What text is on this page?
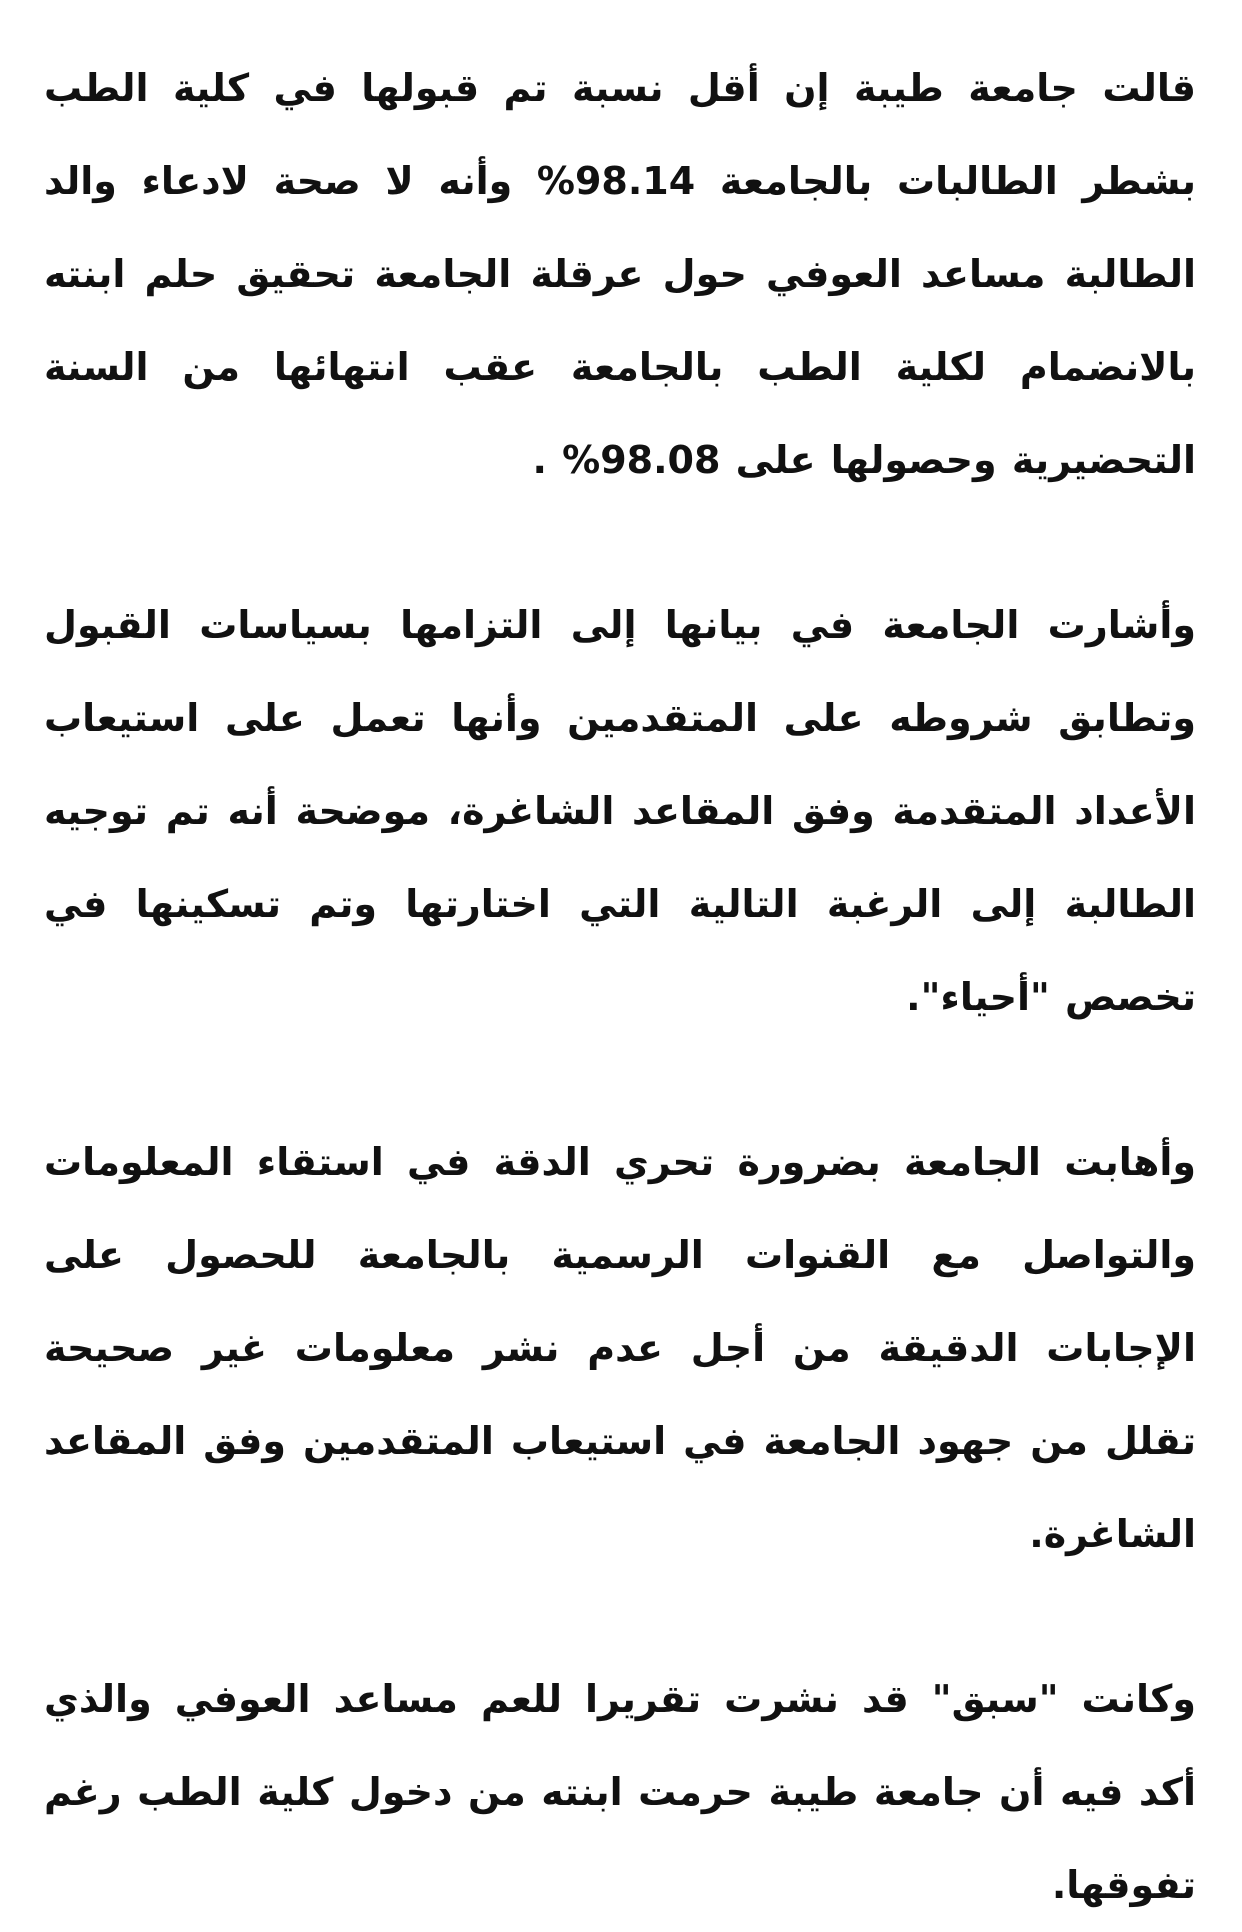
قالت جامعة طيبة إن أقل نسبة تم قبولها في كلية الطب بشطر الطالبات بالجامعة 98.14% وأنه لا صحة لادعاء والد الطالبة مساعد العوفي حول عرقلة الجامعة تحقيق حلم ابنته بالانضمام لكلية الطب بالجامعة عقب انتهائها من السنة التحضيرية وحصولها على 98.08% .

وأشارت الجامعة في بيانها إلى التزامها بسياسات القبول وتطابق شروطه على المتقدمين وأنها تعمل على استيعاب الأعداد المتقدمة وفق المقاعد الشاغرة، موضحة أنه تم توجيه الطالبة إلى الرغبة التالية التي اختارتها وتم تسكينها في تخصص "أحياء".

وأهابت الجامعة بضرورة تحري الدقة في استقاء المعلومات والتواصل مع القنوات الرسمية بالجامعة للحصول على الإجابات الدقيقة من أجل عدم نشر معلومات غير صحيحة تقلل من جهود الجامعة في استيعاب المتقدمين وفق المقاعد الشاغرة.

وكانت "سبق" قد نشرت تقريرا للعم مساعد العوفي والذي أكد فيه أن جامعة طيبة حرمت ابنته من دخول كلية الطب رغم تفوقها.
